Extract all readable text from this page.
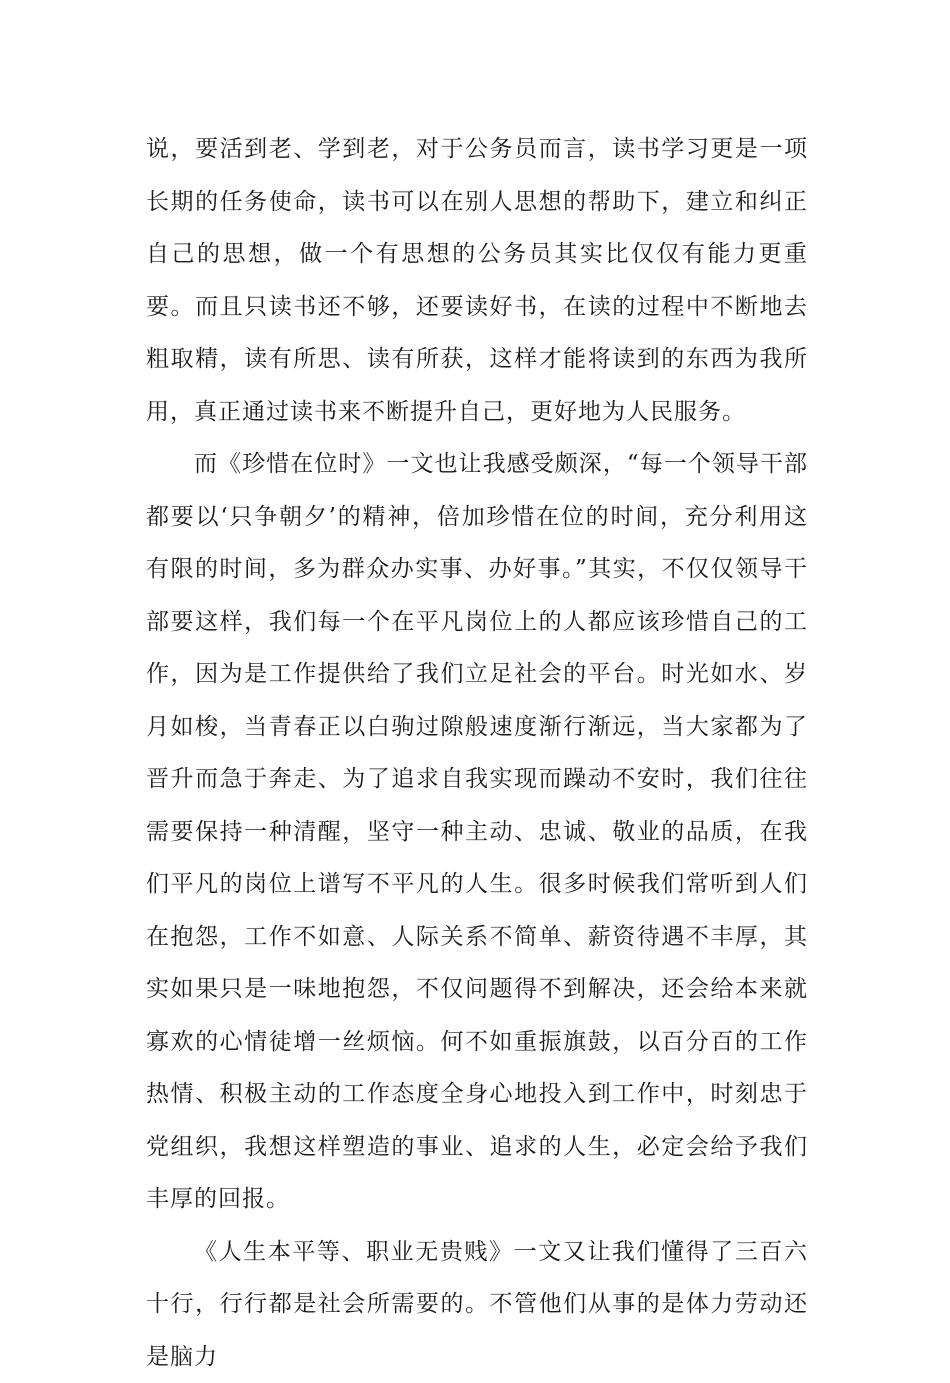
说，要活到老、学到老，对于公务员而言，读书学习更是一项长期的任务使命，读书可以在别人思想的帮助下，建立和纠正自己的思想，做一个有思想的公务员其实比仅仅有能力更重要。而且只读书还不够，还要读好书，在读的过程中不断地去粗取精，读有所思、读有所获，这样才能将读到的东西为我所用，真正通过读书来不断提升自己，更好地为人民服务。

而《珍惜在位时》一文也让我感受颇深，“每一个领导干部都要以‘只争朝夕’的精神，倍加珍惜在位的时间，充分利用这有限的时间，多为群众办实事、办好事。”其实，不仅仅领导干部要这样，我们每一个在平凡岗位上的人都应该珍惜自己的工作，因为是工作提供给了我们立足社会的平台。时光如水、岁月如梭，当青春正以白驹过隙般速度渐行渐远，当大家都为了晋升而急于奔走、为了追求自我实现而躁动不安时，我们往往需要保持一种清醒，坚守一种主动、忠诚、敬业的品质，在我们平凡的岗位上谱写不平凡的人生。很多时候我们常听到人们在抱怨，工作不如意、人际关系不简单、薪资待遇不丰厚，其实如果只是一味地抱怨，不仅问题得不到解决，还会给本来就寡欢的心情徒增一丝烦恼。何不如重振旗鼓，以百分百的工作热情、积极主动的工作态度全身心地投入到工作中，时刻忠于党组织，我想这样塑造的事业、追求的人生，必定会给予我们丰厚的回报。

《人生本平等、职业无贵贱》一文又让我们懂得了三百六十行，行行都是社会所需要的。不管他们从事的是体力劳动还是脑力
